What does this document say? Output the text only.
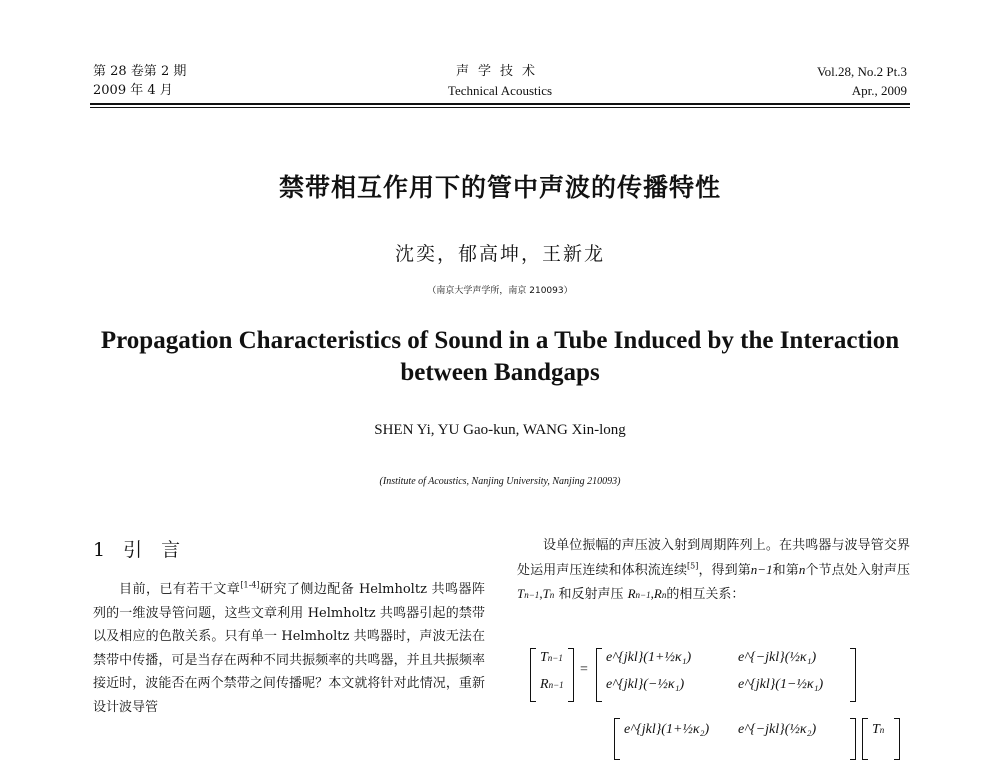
第 28 卷第 2 期
2009 年 4 月
声学技术
Technical Acoustics
Vol.28, No.2 Pt.3
Apr., 2009
禁带相互作用下的管中声波的传播特性
沈奕，郁高坤，王新龙
（南京大学声学所，南京 210093）
Propagation Characteristics of Sound in a Tube Induced by the Interaction between Bandgaps
SHEN Yi, YU Gao-kun, WANG Xin-long
(Institute of Acoustics, Nanjing University, Nanjing 210093)
1 引　言

目前，已有若干文章[1-4]研究了侧边配备 Helmholtz 共鸣器阵列的一维波导管问题，这些文章利用 Helmholtz 共鸣器引起的禁带以及相应的色散关系。只有单一 Helmholtz 共鸣器时，声波无法在禁带中传播，可是当存在两种不同共振频率的共鸣器，并且共振频率接近时，波能否在两个禁带之间传播呢？本文就将针对此情况，重新设计波导管

设单位振幅的声压波入射到周期阵列上。在共鸣器与波导管交界处运用声压连续和体积流连续[5]，得到第n−1和第n个节点处入射声压 Tn−1,Tn 和反射声压 Rn−1,Rn的相互关系：

Tn−1
Rn−1
=
e^{jkl}(1+½κ₁)	e^{−jkl}(½κ₁)
e^{jkl}(−½κ₁)	e^{jkl}(1−½κ₁)
e^{jkl}(1+½κ₂) e^{−jkl}(½κ₂)	Tn
